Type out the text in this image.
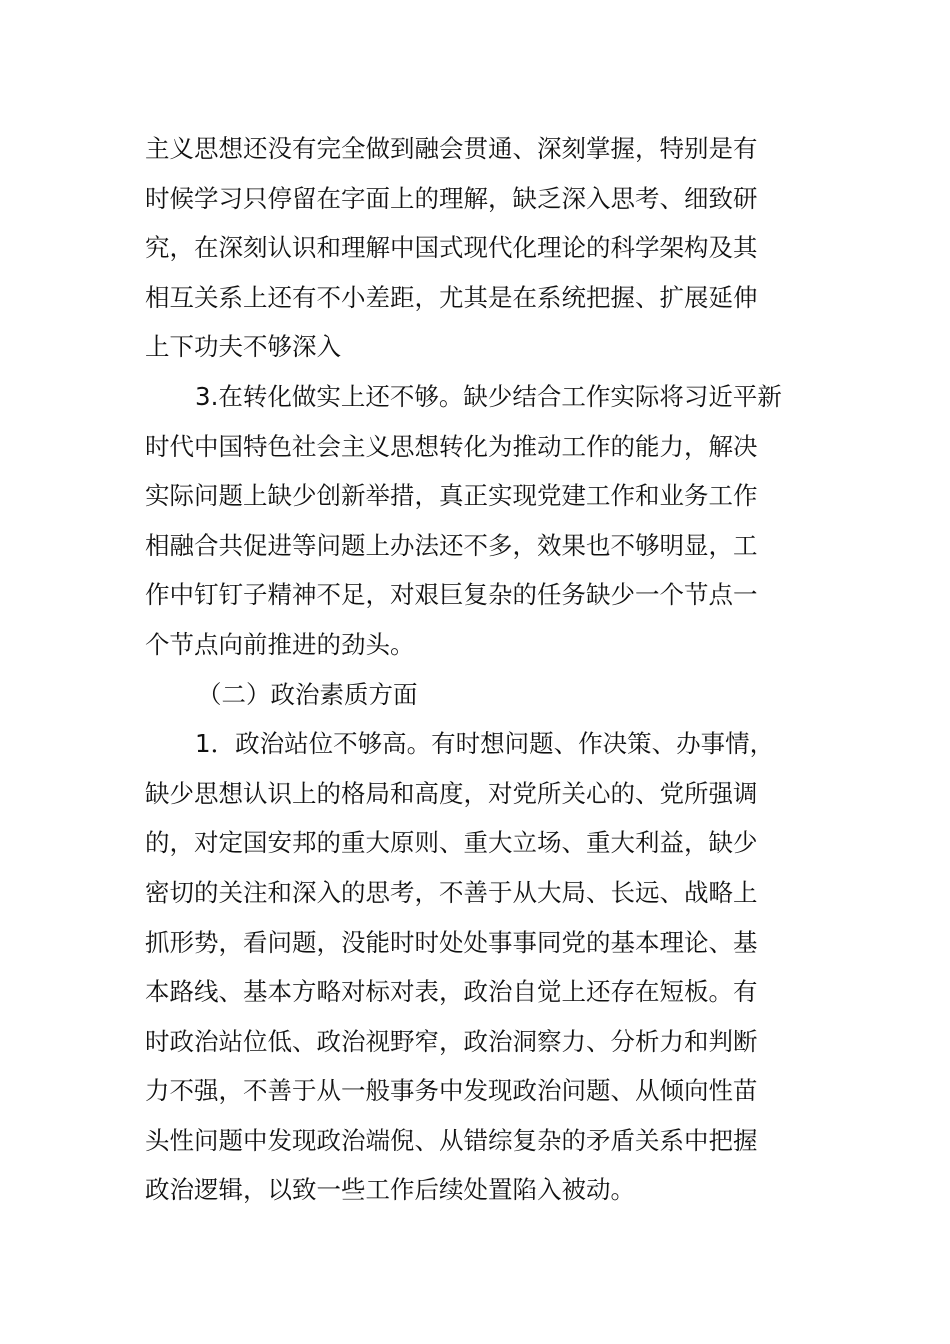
主义思想还没有完全做到融会贯通、深刻掌握，特别是有
时候学习只停留在字面上的理解，缺乏深入思考、细致研
究，在深刻认识和理解中国式现代化理论的科学架构及其
相互关系上还有不小差距，尤其是在系统把握、扩展延伸
上下功夫不够深入
3.在转化做实上还不够。缺少结合工作实际将习近平新
时代中国特色社会主义思想转化为推动工作的能力，解决
实际问题上缺少创新举措，真正实现党建工作和业务工作
相融合共促进等问题上办法还不多，效果也不够明显，工
作中钉钉子精神不足，对艰巨复杂的任务缺少一个节点一
个节点向前推进的劲头。
（二）政治素质方面
1．政治站位不够高。有时想问题、作决策、办事情，
缺少思想认识上的格局和高度，对党所关心的、党所强调
的，对定国安邦的重大原则、重大立场、重大利益，缺少
密切的关注和深入的思考，不善于从大局、长远、战略上
抓形势，看问题，没能时时处处事事同党的基本理论、基
本路线、基本方略对标对表，政治自觉上还存在短板。有
时政治站位低、政治视野窄，政治洞察力、分析力和判断
力不强，不善于从一般事务中发现政治问题、从倾向性苗
头性问题中发现政治端倪、从错综复杂的矛盾关系中把握
政治逻辑，以致一些工作后续处置陷入被动。
